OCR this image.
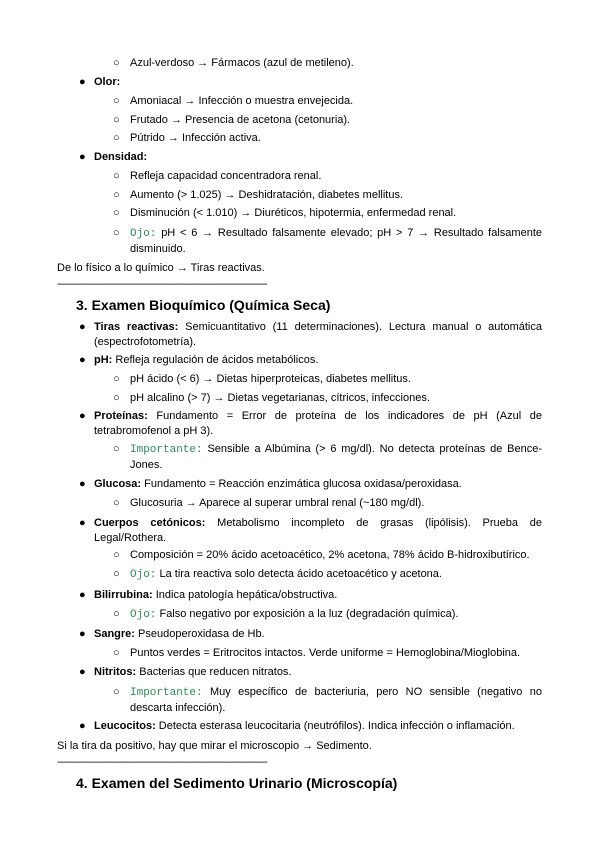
○ Azul-verdoso → Fármacos (azul de metileno).
● Olor:
○ Amoniacal → Infección o muestra envejecida.
○ Frutado → Presencia de acetona (cetonuria).
○ Pútrido → Infección activa.
● Densidad:
○ Refleja capacidad concentradora renal.
○ Aumento (> 1.025) → Deshidratación, diabetes mellitus.
○ Disminución (< 1.010) → Diuréticos, hipotermia, enfermedad renal.
○ Ojo: pH < 6 → Resultado falsamente elevado; pH > 7 → Resultado falsamente disminuido.
De lo físico a lo químico → Tiras reactivas.
------------------------------------------------------------------------------------------
3. Examen Bioquímico (Química Seca)
● Tiras reactivas: Semicuantitativo (11 determinaciones). Lectura manual o automática (espectrofotometría).
● pH: Refleja regulación de ácidos metabólicos.
○ pH ácido (< 6) → Dietas hiperproteicas, diabetes mellitus.
○ pH alcalino (> 7) → Dietas vegetarianas, cítricos, infecciones.
● Proteínas: Fundamento = Error de proteína de los indicadores de pH (Azul de tetrabromofenol a pH 3).
○ Importante: Sensible a Albúmina (> 6 mg/dl). No detecta proteínas de Bence-Jones.
● Glucosa: Fundamento = Reacción enzimática glucosa oxidasa/peroxidasa.
○ Glucosuria → Aparece al superar umbral renal (~180 mg/dl).
● Cuerpos cetónicos: Metabolismo incompleto de grasas (lipólisis). Prueba de Legal/Rothera.
○ Composición = 20% ácido acetoacético, 2% acetona, 78% ácido B-hidroxibutírico.
○ Ojo: La tira reactiva solo detecta ácido acetoacético y acetona.
● Bilirrubina: Indica patología hepática/obstructiva.
○ Ojo: Falso negativo por exposición a la luz (degradación química).
● Sangre: Pseudoperoxidasa de Hb.
○ Puntos verdes = Eritrocitos intactos. Verde uniforme = Hemoglobina/Mioglobina.
● Nitritos: Bacterias que reducen nitratos.
○ Importante: Muy específico de bacteriuria, pero NO sensible (negativo no descarta infección).
● Leucocitos: Detecta esterasa leucocitaria (neutrófilos). Indica infección o inflamación.
Si la tira da positivo, hay que mirar el microscopio → Sedimento.
------------------------------------------------------------------------------------------
4. Examen del Sedimento Urinario (Microscopía)
